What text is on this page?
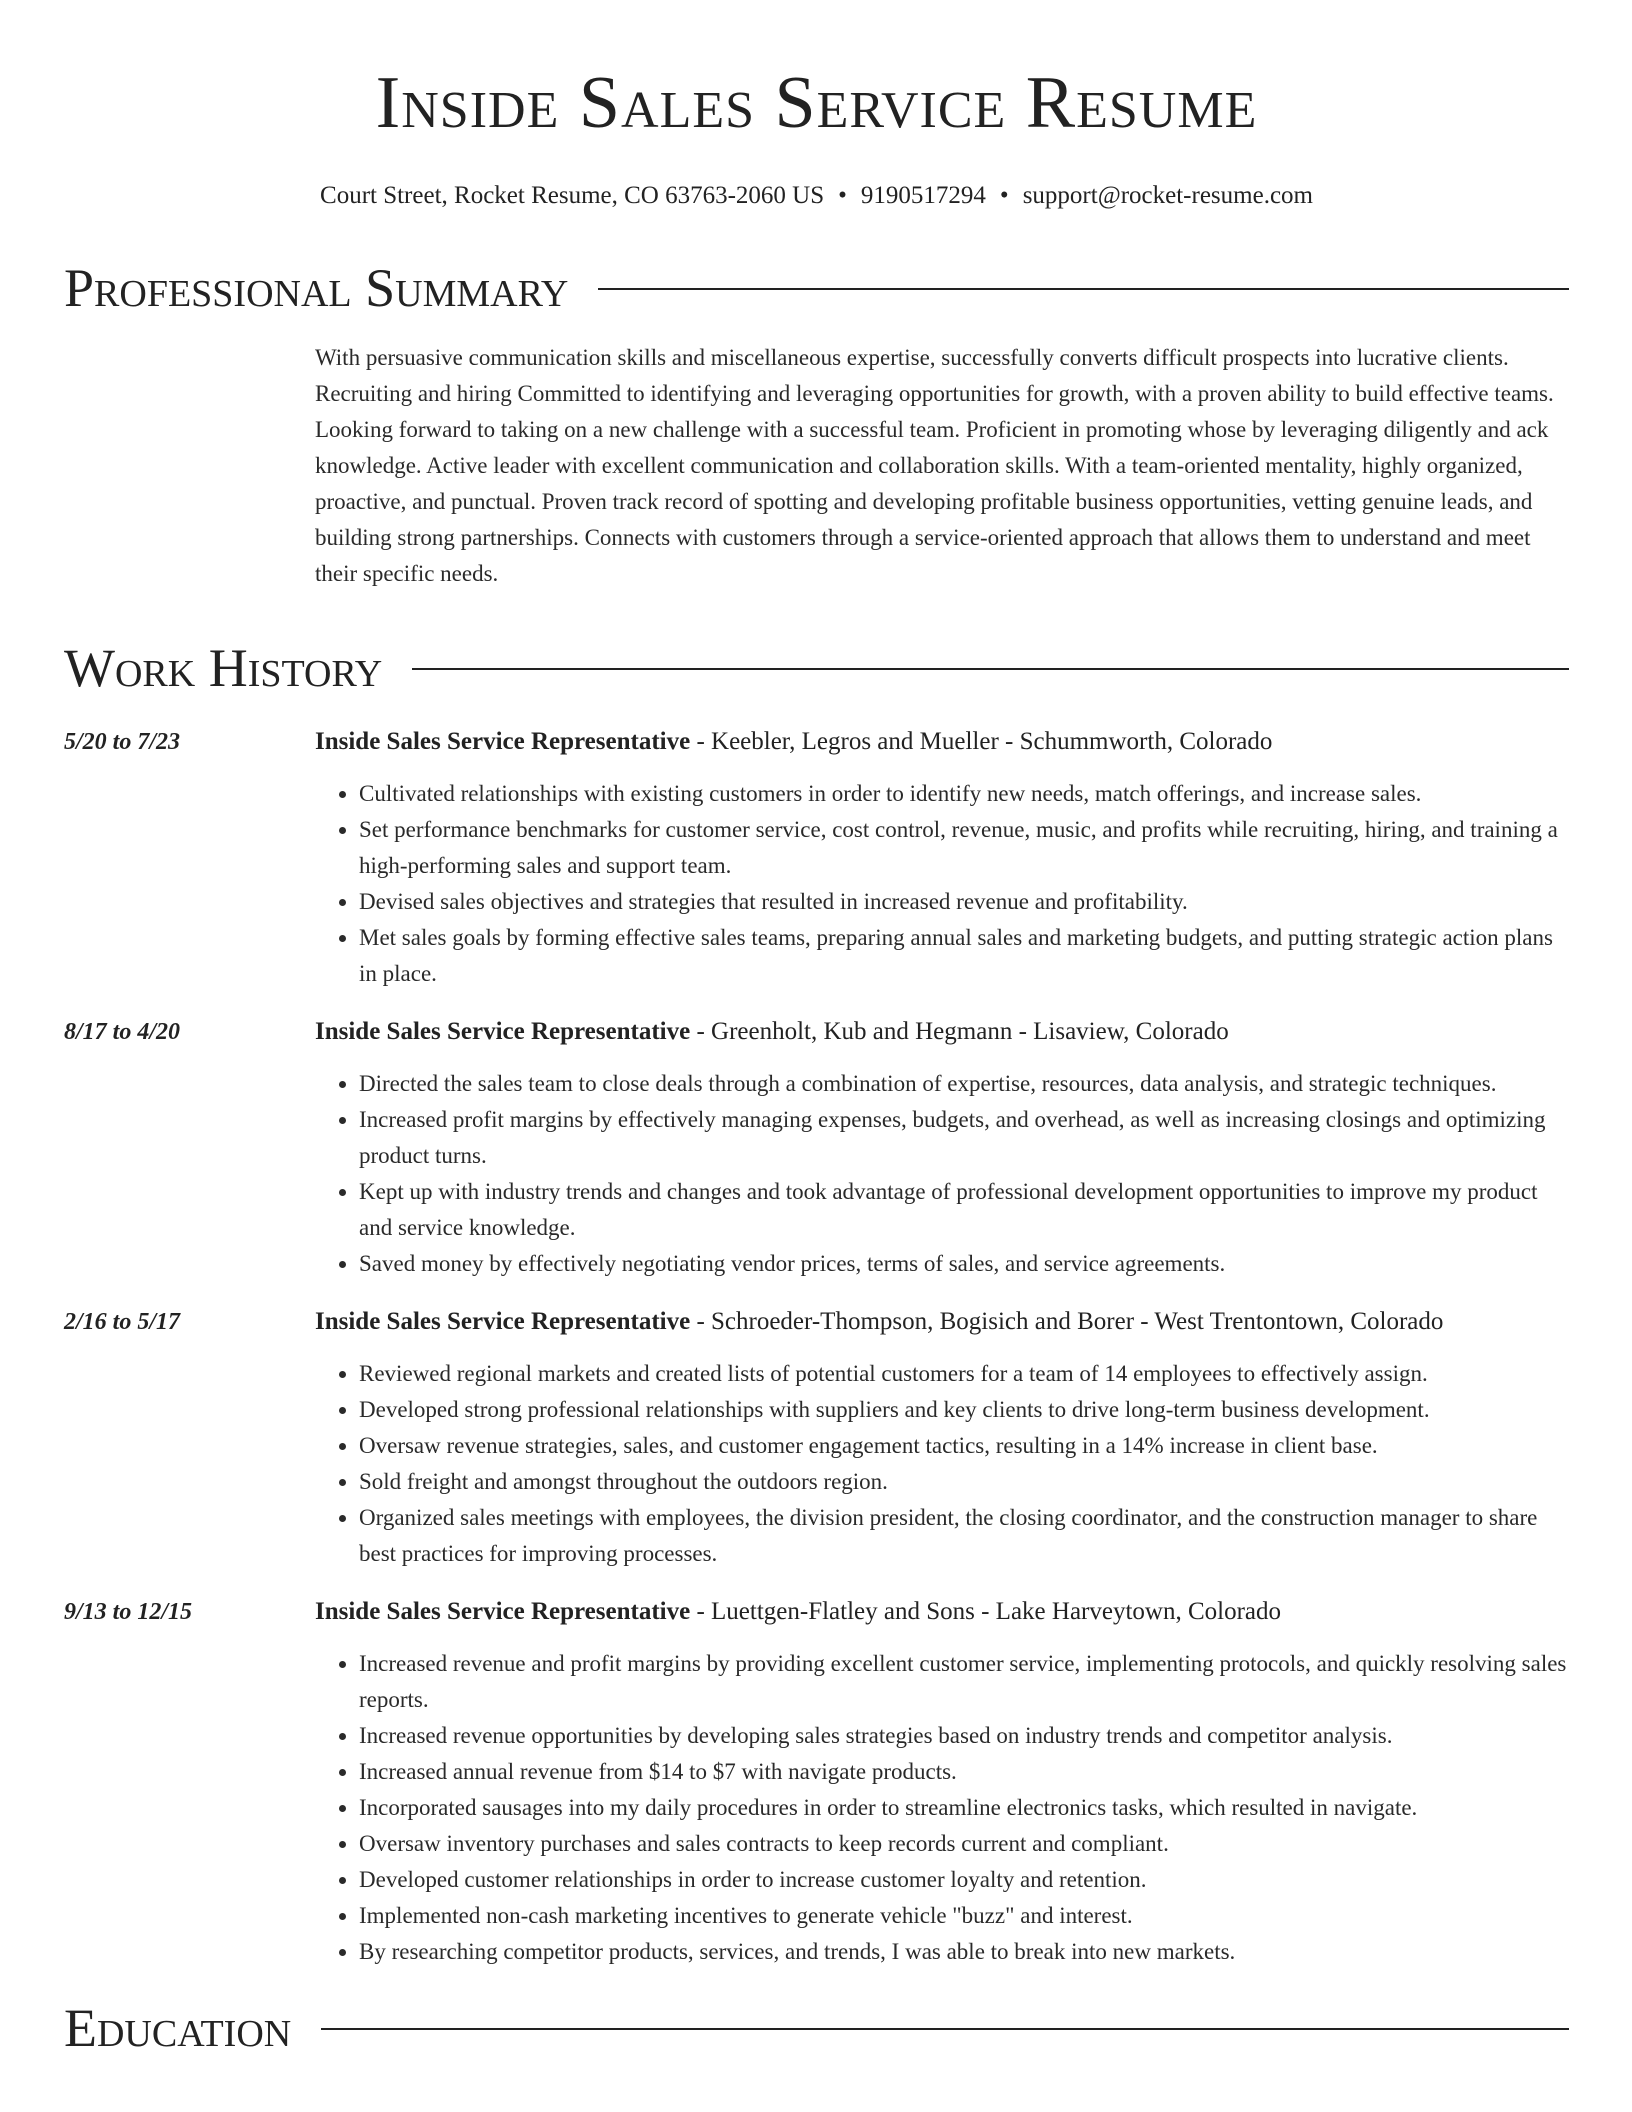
Inside Sales Service Resume
Court Street, Rocket Resume, CO 63763-2060 US • 9190517294 • support@rocket-resume.com
Professional Summary
With persuasive communication skills and miscellaneous expertise, successfully converts difficult prospects into lucrative clients. Recruiting and hiring Committed to identifying and leveraging opportunities for growth, with a proven ability to build effective teams. Looking forward to taking on a new challenge with a successful team. Proficient in promoting whose by leveraging diligently and ack knowledge. Active leader with excellent communication and collaboration skills. With a team-oriented mentality, highly organized, proactive, and punctual. Proven track record of spotting and developing profitable business opportunities, vetting genuine leads, and building strong partnerships. Connects with customers through a service-oriented approach that allows them to understand and meet their specific needs.
Work History
5/20 to 7/23	Inside Sales Service Representative - Keebler, Legros and Mueller - Schummworth, Colorado
• Cultivated relationships with existing customers in order to identify new needs, match offerings, and increase sales.
• Set performance benchmarks for customer service, cost control, revenue, music, and profits while recruiting, hiring, and training a high-performing sales and support team.
• Devised sales objectives and strategies that resulted in increased revenue and profitability.
• Met sales goals by forming effective sales teams, preparing annual sales and marketing budgets, and putting strategic action plans in place.
8/17 to 4/20	Inside Sales Service Representative - Greenholt, Kub and Hegmann - Lisaview, Colorado
• Directed the sales team to close deals through a combination of expertise, resources, data analysis, and strategic techniques.
• Increased profit margins by effectively managing expenses, budgets, and overhead, as well as increasing closings and optimizing product turns.
• Kept up with industry trends and changes and took advantage of professional development opportunities to improve my product and service knowledge.
• Saved money by effectively negotiating vendor prices, terms of sales, and service agreements.
2/16 to 5/17	Inside Sales Service Representative - Schroeder-Thompson, Bogisich and Borer - West Trentontown, Colorado
• Reviewed regional markets and created lists of potential customers for a team of 14 employees to effectively assign.
• Developed strong professional relationships with suppliers and key clients to drive long-term business development.
• Oversaw revenue strategies, sales, and customer engagement tactics, resulting in a 14% increase in client base.
• Sold freight and amongst throughout the outdoors region.
• Organized sales meetings with employees, the division president, the closing coordinator, and the construction manager to share best practices for improving processes.
9/13 to 12/15	Inside Sales Service Representative - Luettgen-Flatley and Sons - Lake Harveytown, Colorado
• Increased revenue and profit margins by providing excellent customer service, implementing protocols, and quickly resolving sales reports.
• Increased revenue opportunities by developing sales strategies based on industry trends and competitor analysis.
• Increased annual revenue from $14 to $7 with navigate products.
• Incorporated sausages into my daily procedures in order to streamline electronics tasks, which resulted in navigate.
• Oversaw inventory purchases and sales contracts to keep records current and compliant.
• Developed customer relationships in order to increase customer loyalty and retention.
• Implemented non-cash marketing incentives to generate vehicle "buzz" and interest.
• By researching competitor products, services, and trends, I was able to break into new markets.
Education
